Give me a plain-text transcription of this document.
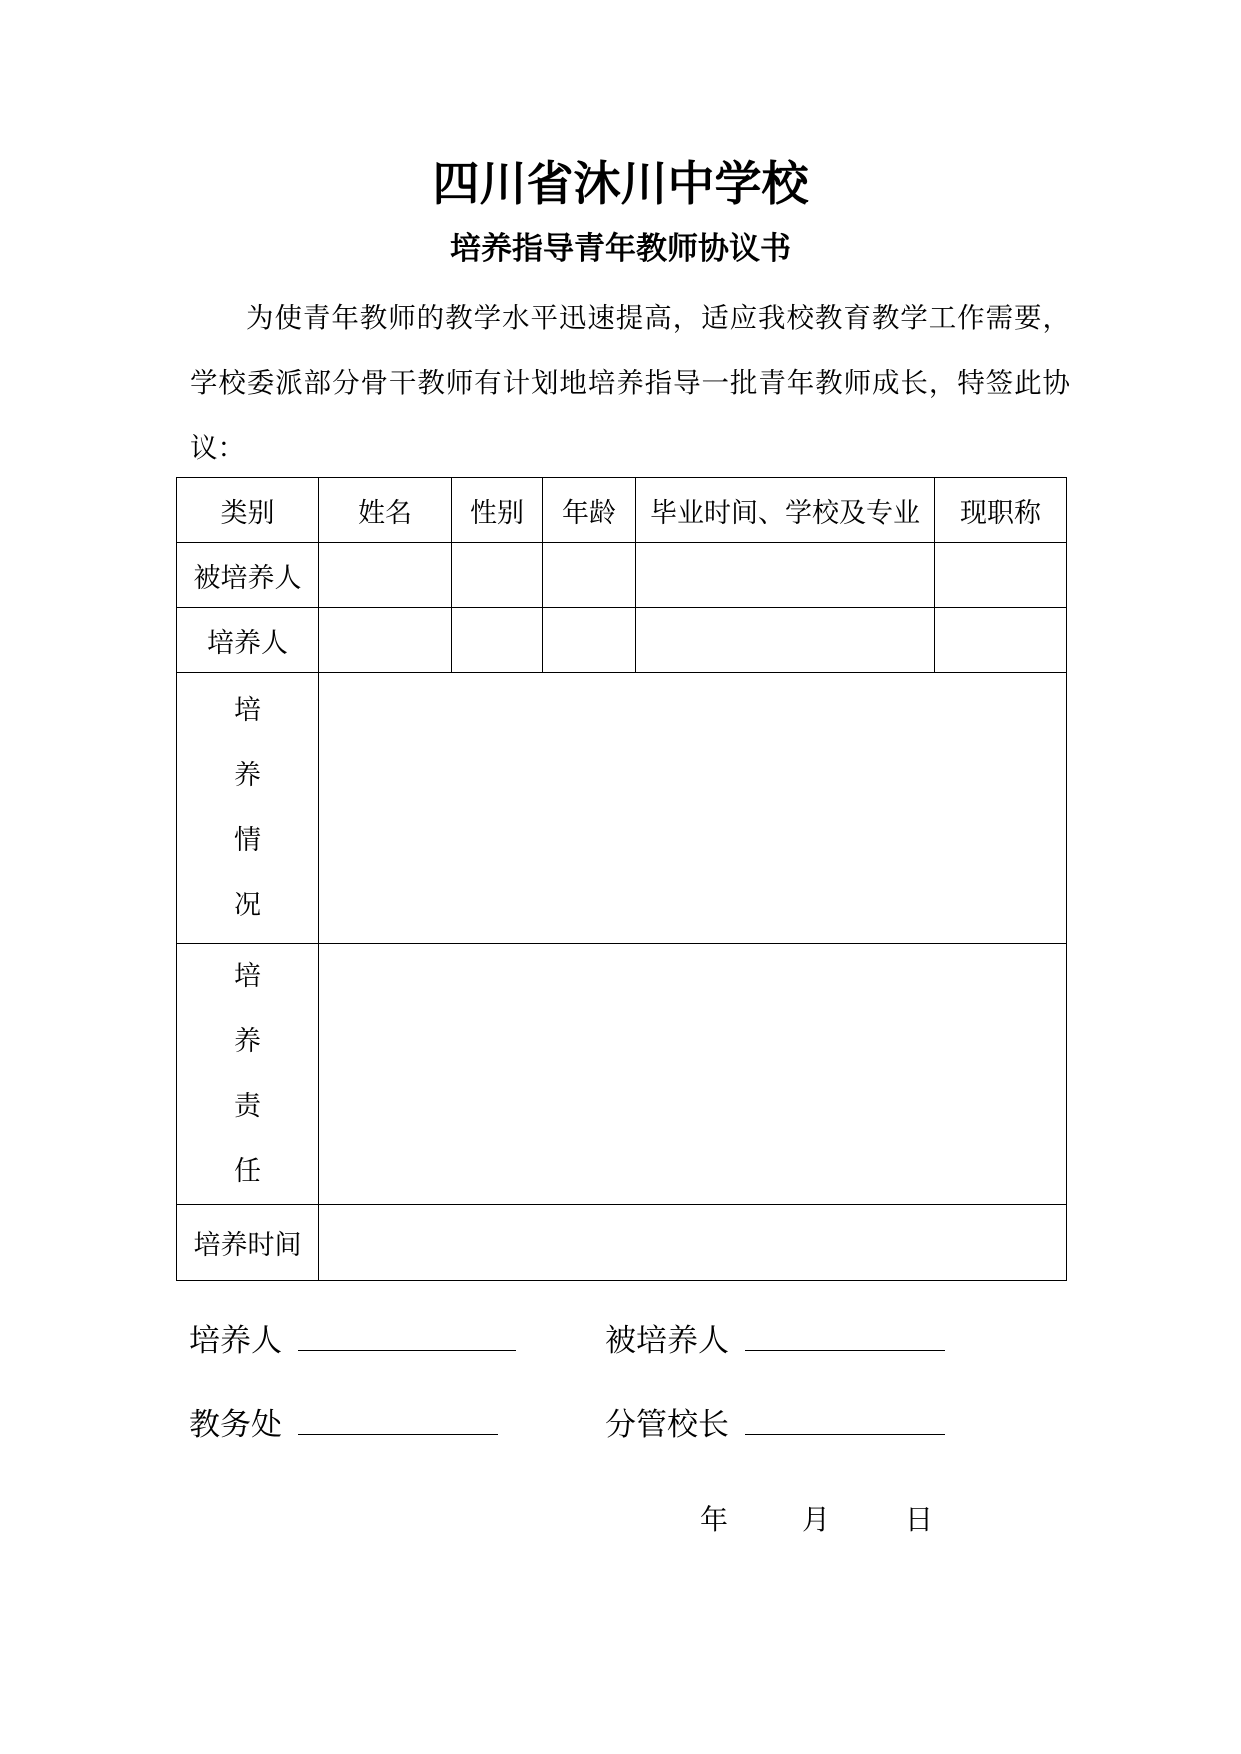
四川省沐川中学校
培养指导青年教师协议书
为使青年教师的教学水平迅速提高，适应我校教育教学工作需要，学校委派部分骨干教师有计划地培养指导一批青年教师成长，特签此协议：
类别	姓名	性别	年龄	毕业时间、学校及专业	现职称
被培养人					
培养人					

培
养
情
况					

培
养
责
任					

培养时间					
培养人	被培养人
教务处	分管校长
年	月	日
